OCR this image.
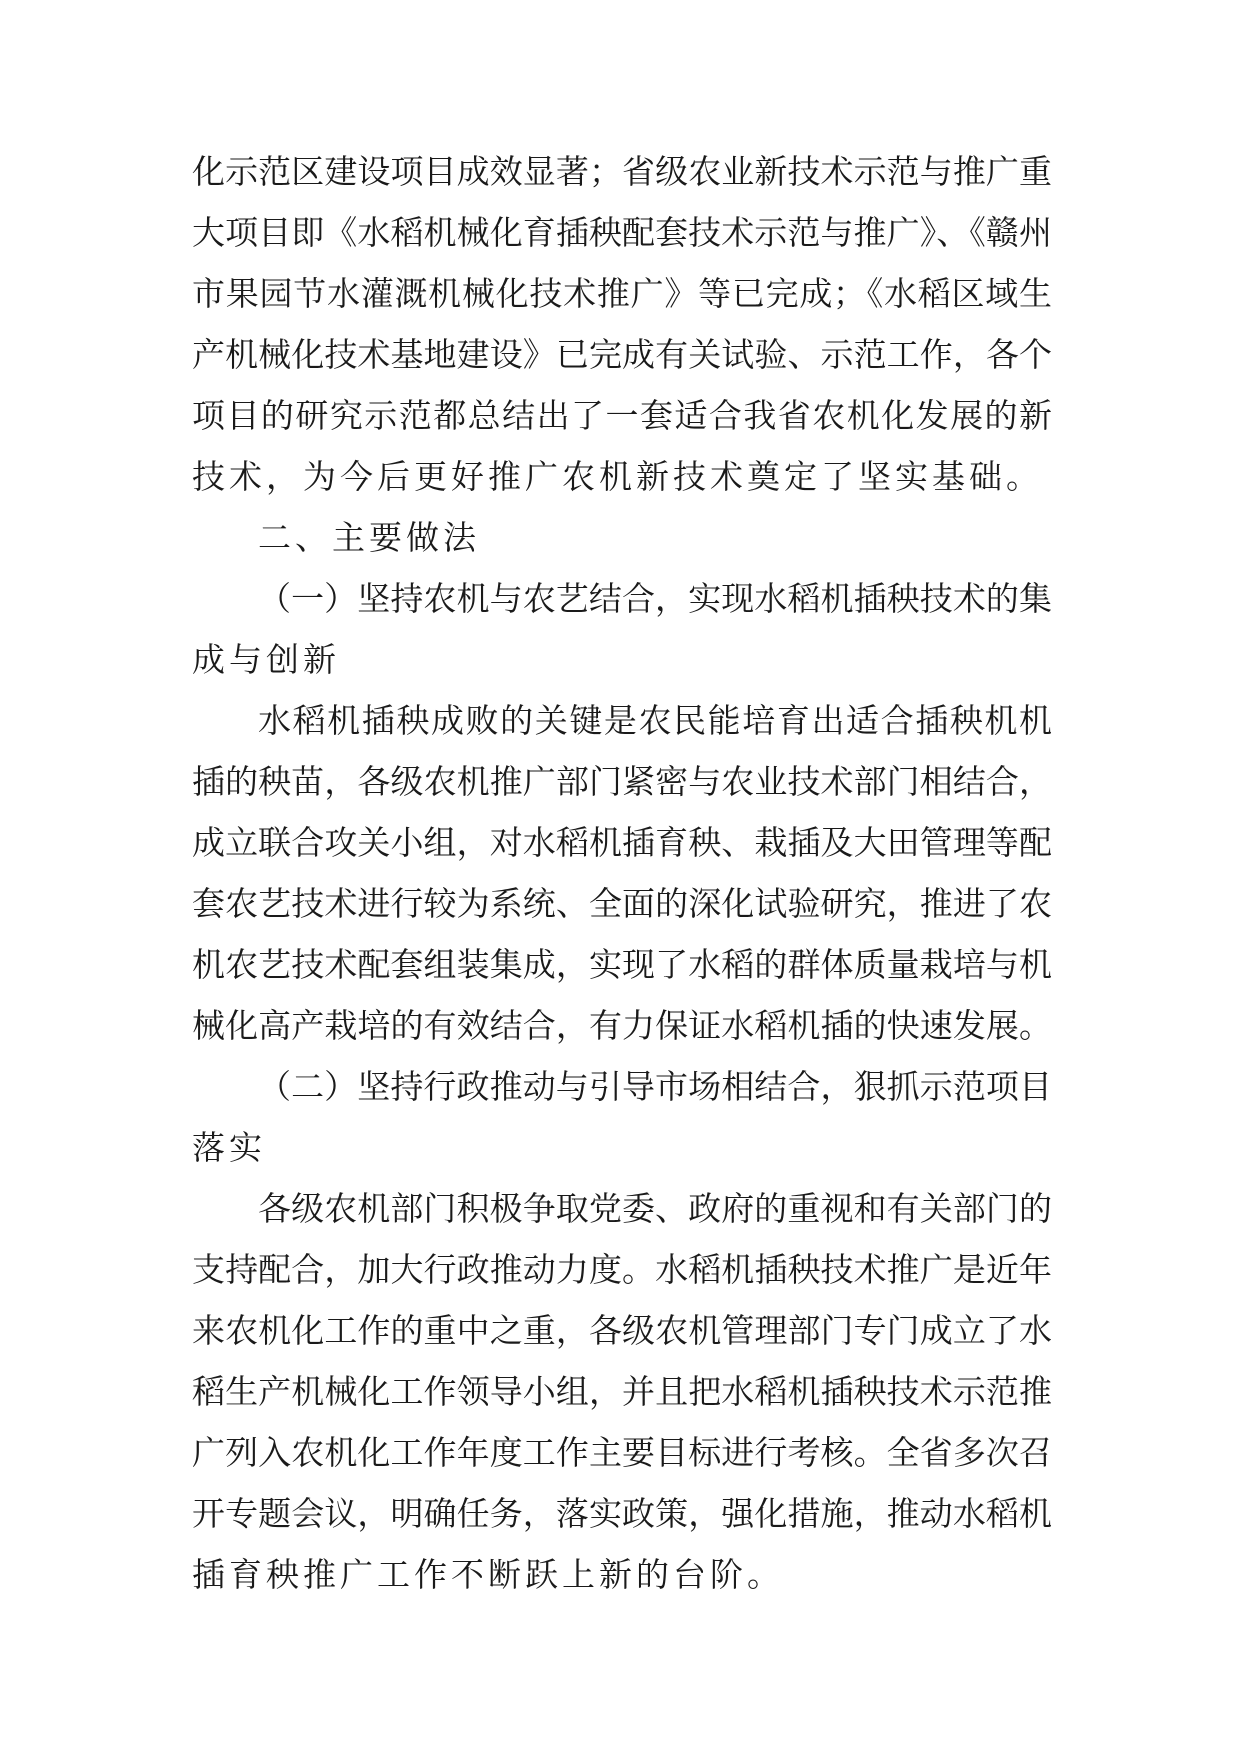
化示范区建设项目成效显著；省级农业新技术示范与推广重
大项目即《水稻机械化育插秧配套技术示范与推广》、《赣州
市果园节水灌溉机械化技术推广》等已完成；《水稻区域生
产机械化技术基地建设》已完成有关试验、示范工作，各个
项目的研究示范都总结出了一套适合我省农机化发展的新
技术，为今后更好推广农机新技术奠定了坚实基础。
二、主要做法
（一）坚持农机与农艺结合，实现水稻机插秧技术的集
成与创新
水稻机插秧成败的关键是农民能培育出适合插秧机机
插的秧苗，各级农机推广部门紧密与农业技术部门相结合，
成立联合攻关小组，对水稻机插育秧、栽插及大田管理等配
套农艺技术进行较为系统、全面的深化试验研究，推进了农
机农艺技术配套组装集成，实现了水稻的群体质量栽培与机
械化高产栽培的有效结合，有力保证水稻机插的快速发展。
（二）坚持行政推动与引导市场相结合，狠抓示范项目
落实
各级农机部门积极争取党委、政府的重视和有关部门的
支持配合，加大行政推动力度。水稻机插秧技术推广是近年
来农机化工作的重中之重，各级农机管理部门专门成立了水
稻生产机械化工作领导小组，并且把水稻机插秧技术示范推
广列入农机化工作年度工作主要目标进行考核。全省多次召
开专题会议，明确任务，落实政策，强化措施，推动水稻机
插育秧推广工作不断跃上新的台阶。
